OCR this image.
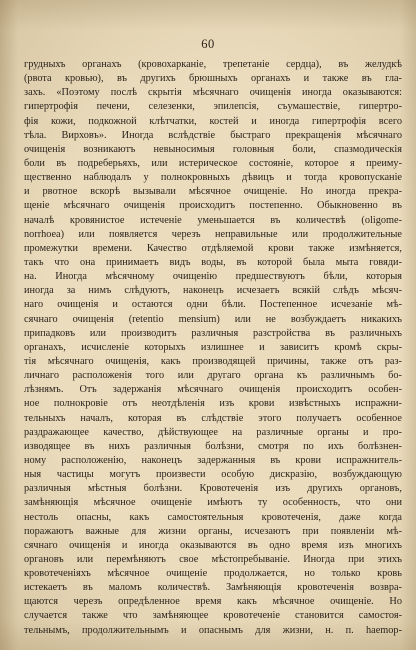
60
грудныхъ органахъ (кровохарканіе, трепетаніе сердца), въ желудкѣ
(рвота кровью), въ другихъ брюшныхъ органахъ и также въ гла-
захъ. «Поэтому послѣ скрытія мѣсячнаго очищенія иногда оказываются:
гипертрофія печени, селезенки, эпилепсія, съумашествіе, гипертро-
фія кожи, подкожной клѣтчатки, костей и иногда гипертрофія всего
тѣла. Вирховъ». Иногда вслѣдствіе быстраго прекращенія мѣсячнаго
очищенія возникаютъ невыносимыя головныя боли, спазмодическія
боли въ подреберьяхъ, или истерическое состояніе, которое я преиму-
щественно наблюдалъ у полнокровныхъ дѣвицъ и тогда кровопусканіе
и рвотное вскорѣ вызывали мѣсячное очищеніе. Но иногда прекра-
щеніе мѣсячнаго очищенія происходитъ постепенно. Обыкновенно въ
началѣ кровянистое истеченіе уменьшается въ количествѣ (oligome-
norrhoea) или появляется черезъ неправильные или продолжительные
промежутки времени. Качество отдѣляемой крови также измѣняется,
такъ что она принимаетъ видъ воды, въ которой была мыта говяди-
на. Иногда мѣсячному очищенію предшествуютъ бѣли, которыя
иногда за нимъ слѣдуютъ, наконецъ исчезаетъ всякій слѣдъ мѣсяч-
наго очищенія и остаются одни бѣли. Постепенное исчезаніе мѣ-
сячнаго очищенія (retentio mensium) или не возбуждаетъ никакихъ
припадковъ или производитъ различныя разстройства въ различныхъ
органахъ, исчисленіе которыхъ излишнее и зависитъ кромѣ скры-
тія мѣсячнаго очищенія, какъ производящей причины, также отъ раз-
личнаго расположенія того или другаго органа къ различнымъ бо-
лѣзнямъ. Отъ задержанія мѣсячнаго очищенія происходитъ особен-
ное полнокровіе отъ неотдѣленія изъ крови извѣстныхъ испражни-
тельныхъ началъ, которая въ слѣдствіе этого получаетъ особенное
раздражающее качество, дѣйствующее на различные органы и про-
изводящее въ нихъ различныя болѣзни, смотря по ихъ болѣзнен-
ному расположенію, наконецъ задержанныя въ крови испражнитель-
ныя частицы могутъ произвести особую дискразію, возбуждающую
различныя мѣстныя болѣзни. Кровотеченія изъ другихъ органовъ,
замѣняющія мѣсячное очищеніе имѣютъ ту особенность, что они
нестоль опасны, какъ самостоятельныя кровотеченія, даже когда
поражаютъ важные для жизни органы, исчезаютъ при появленіи мѣ-
сячнаго очищенія и иногда оказываются въ одно время изъ многихъ
органовъ или перемѣняютъ свое мѣстопребываніе. Иногда при этихъ
кровотеченіяхъ мѣсячное очищеніе продолжается, но только кровь
истекаетъ въ маломъ количествѣ. Замѣняющія кровотеченія возвра-
щаются черезъ опредѣленное время какъ мѣсячное очищеніе. Но
случается также что замѣняющее кровотеченіе становится самостоя-
тельнымъ, продолжительнымъ и опаснымъ для жизни, н. п. haemop-
